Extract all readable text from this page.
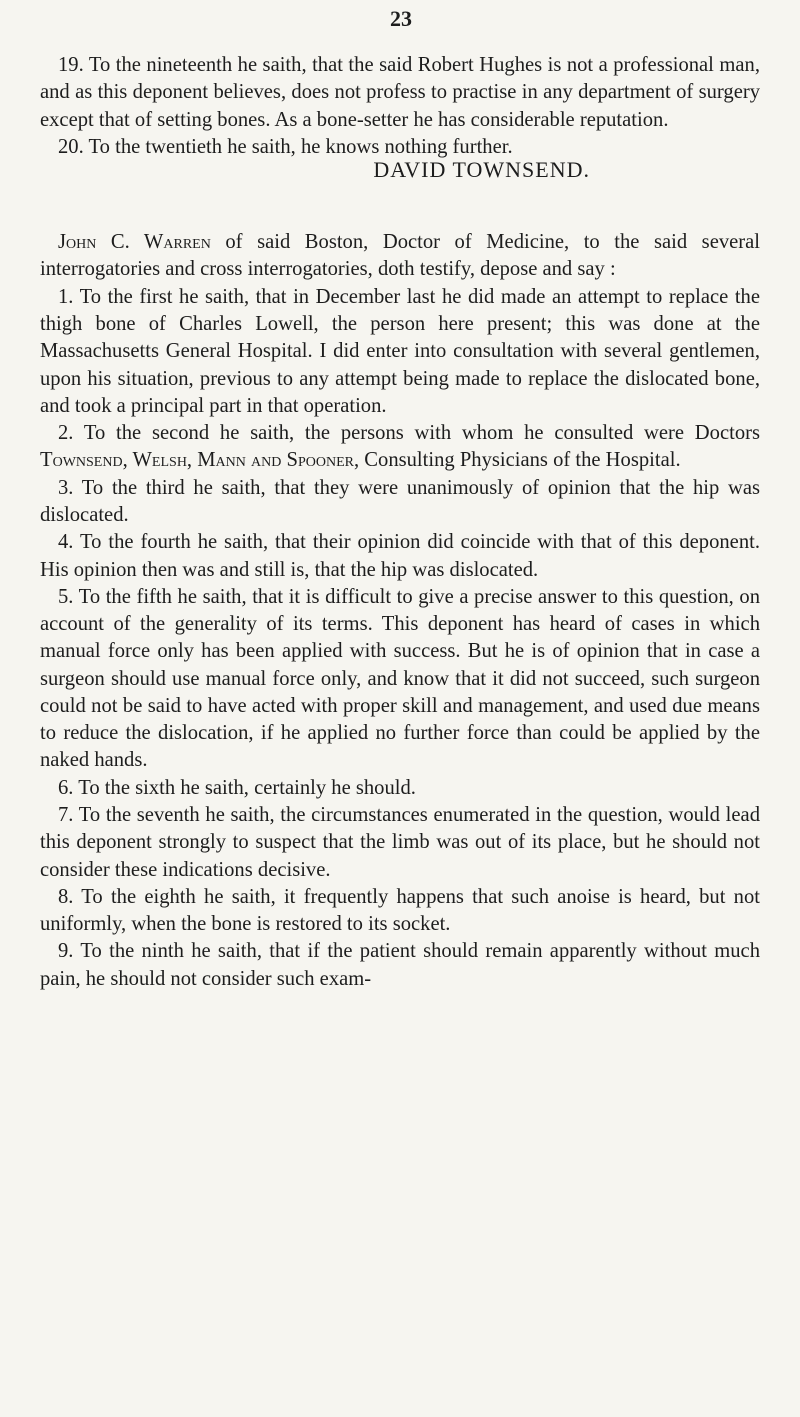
23

19. To the nineteenth he saith, that the said Robert Hughes is not a professional man, and as this deponent believes, does not profess to practise in any department of surgery except that of setting bones. As a bone-setter he has considerable reputation.

20. To the twentieth he saith, he knows nothing further.

DAVID TOWNSEND.

John C. Warren of said Boston, Doctor of Medicine, to the said several interrogatories and cross interrogatories, doth testify, depose and say :

1. To the first he saith, that in December last he did made an attempt to replace the thigh bone of Charles Lowell, the person here present; this was done at the Massachusetts General Hospital. I did enter into consultation with several gentlemen, upon his situation, previous to any attempt being made to replace the dislocated bone, and took a principal part in that operation.

2. To the second he saith, the persons with whom he consulted were Doctors Townsend, Welsh, Mann and Spooner, Consulting Physicians of the Hospital.

3. To the third he saith, that they were unanimously of opinion that the hip was dislocated.

4. To the fourth he saith, that their opinion did coincide with that of this deponent. His opinion then was and still is, that the hip was dislocated.

5. To the fifth he saith, that it is difficult to give a precise answer to this question, on account of the generality of its terms. This deponent has heard of cases in which manual force only has been applied with success. But he is of opinion that in case a surgeon should use manual force only, and know that it did not succeed, such surgeon could not be said to have acted with proper skill and management, and used due means to reduce the dislocation, if he applied no further force than could be applied by the naked hands.

6. To the sixth he saith, certainly he should.

7. To the seventh he saith, the circumstances enumerated in the question, would lead this deponent strongly to suspect that the limb was out of its place, but he should not consider these indications decisive.

8. To the eighth he saith, it frequently happens that such anoise is heard, but not uniformly, when the bone is restored to its socket.

9. To the ninth he saith, that if the patient should remain apparently without much pain, he should not consider such exam-
